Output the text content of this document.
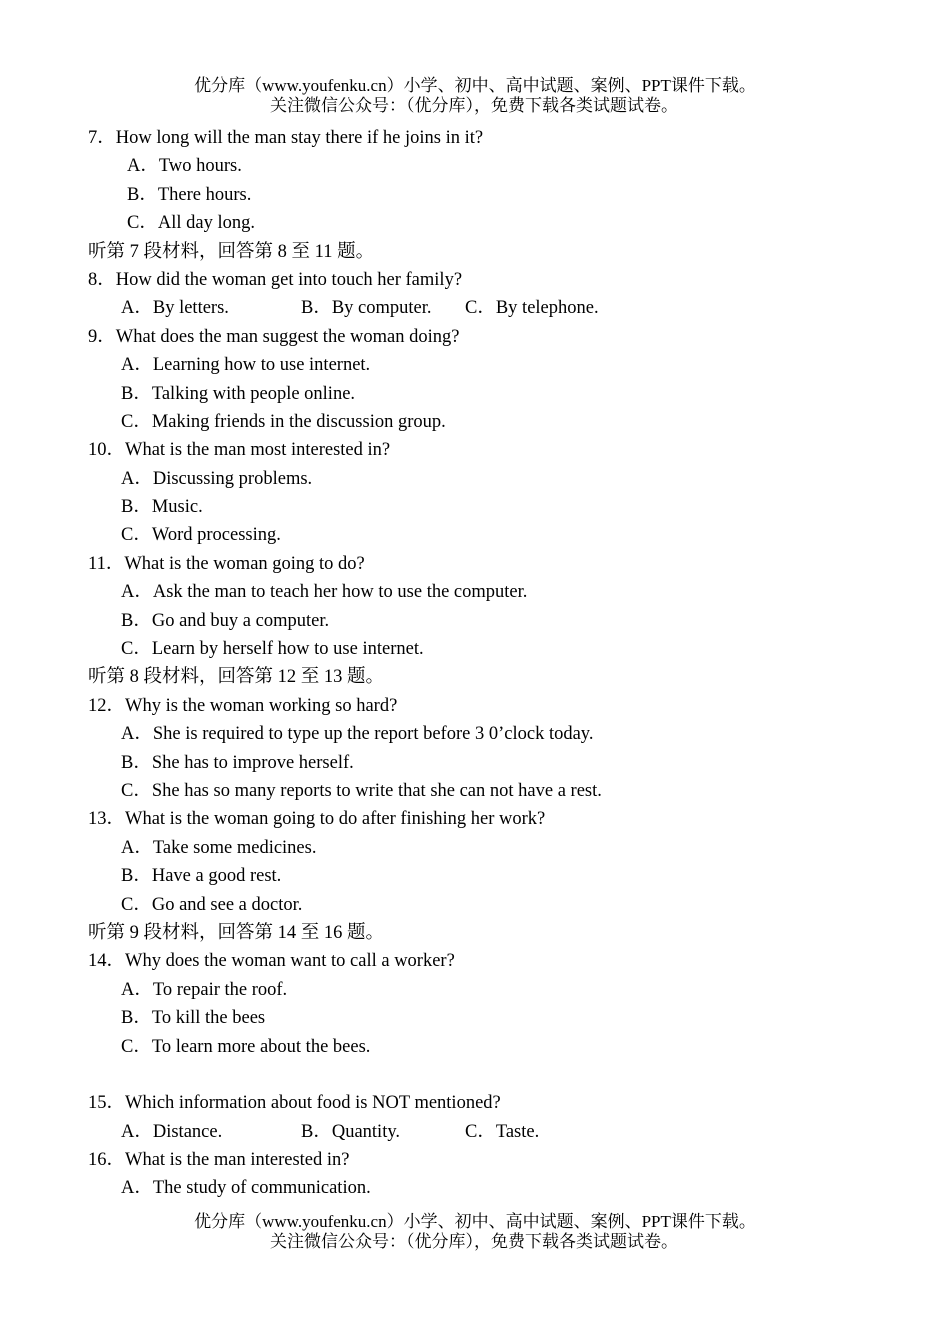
优分库（www.youfenku.cn）小学、初中、高中试题、案例、PPT课件下载。
关注微信公众号：（优分库），免费下载各类试题试卷。
7．How long will the man stay there if he joins in it?
A．Two hours.
B．There hours.
C．All day long.
听第 7 段材料，回答第 8 至 11 题。
8．How did the woman get into touch her family?
A．By letters.	B．By computer.	C．By telephone.
9．What does the man suggest the woman doing?
A．Learning how to use internet.
B．Talking with people online.
C．Making friends in the discussion group.
10．What is the man most interested in?
A．Discussing problems.
B．Music.
C．Word processing.
11．What is the woman going to do?
A．Ask the man to teach her how to use the computer.
B．Go and buy a computer.
C．Learn by herself how to use internet.
听第 8 段材料，回答第 12 至 13 题。
12．Why is the woman working so hard?
A．She is required to type up the report before 3 0’clock today.
B．She has to improve herself.
C．She has so many reports to write that she can not have a rest.
13．What is the woman going to do after finishing her work?
A．Take some medicines.
B．Have a good rest.
C．Go and see a doctor.
听第 9 段材料，回答第 14 至 16 题。
14．Why does the woman want to call a worker?
A．To repair the roof.
B．To kill the bees
C．To learn more about the bees.
15．Which information about food is NOT mentioned?
A．Distance.	B．Quantity.	C．Taste.
16．What is the man interested in?
A．The study of communication.
优分库（www.youfenku.cn）小学、初中、高中试题、案例、PPT课件下载。
关注微信公众号：（优分库），免费下载各类试题试卷。
